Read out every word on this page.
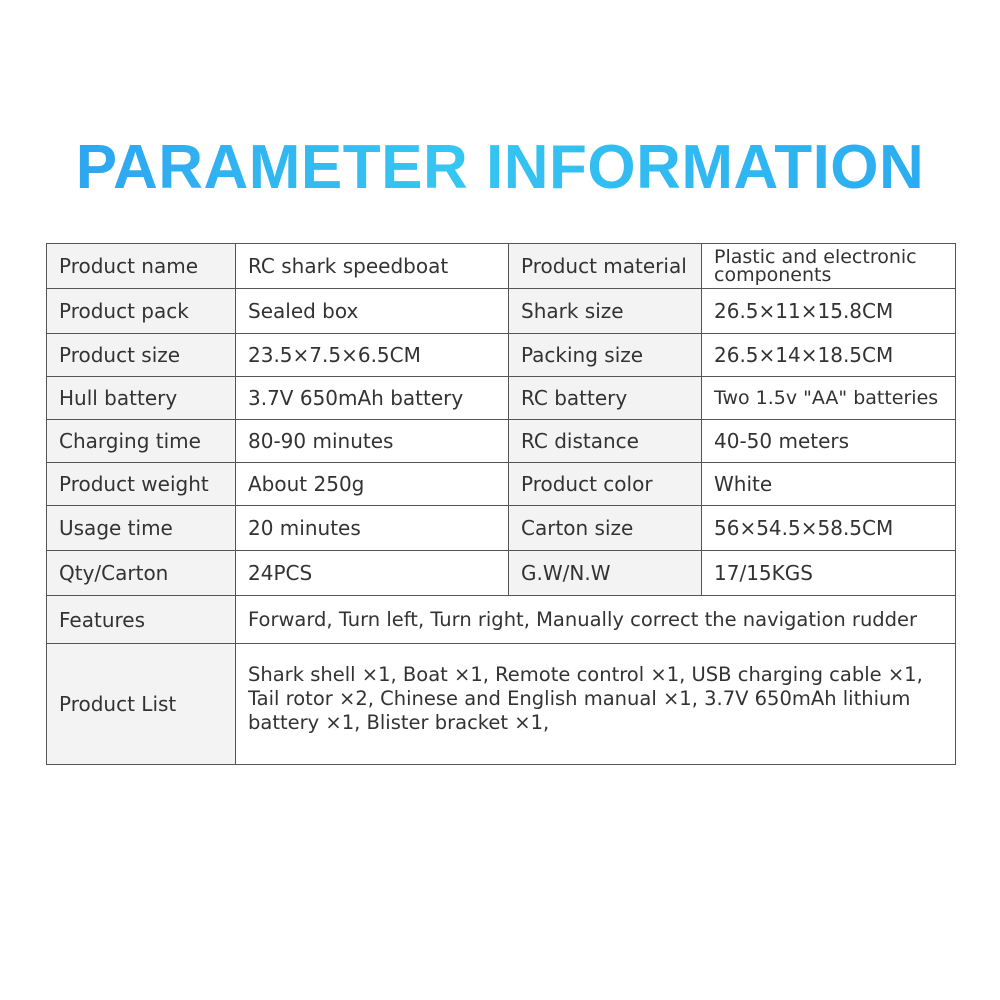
PARAMETER INFORMATION
Product name	RC shark speedboat	Product material	Plastic and electronic components
Product pack	Sealed box	Shark size	26.5×11×15.8CM
Product size	23.5×7.5×6.5CM	Packing size	26.5×14×18.5CM
Hull battery	3.7V 650mAh battery	RC battery	Two 1.5v "AA" batteries
Charging time	80-90 minutes	RC distance	40-50 meters
Product weight	About 250g	Product color	White
Usage time	20 minutes	Carton size	56×54.5×58.5CM
Qty/Carton	24PCS	G.W/N.W	17/15KGS
Features	Forward, Turn left, Turn right, Manually correct the navigation rudder		
Product List	Shark shell ×1, Boat ×1, Remote control ×1, USB charging cable ×1, Tail rotor ×2, Chinese and English manual ×1, 3.7V 650mAh lithium battery ×1, Blister bracket ×1,		
